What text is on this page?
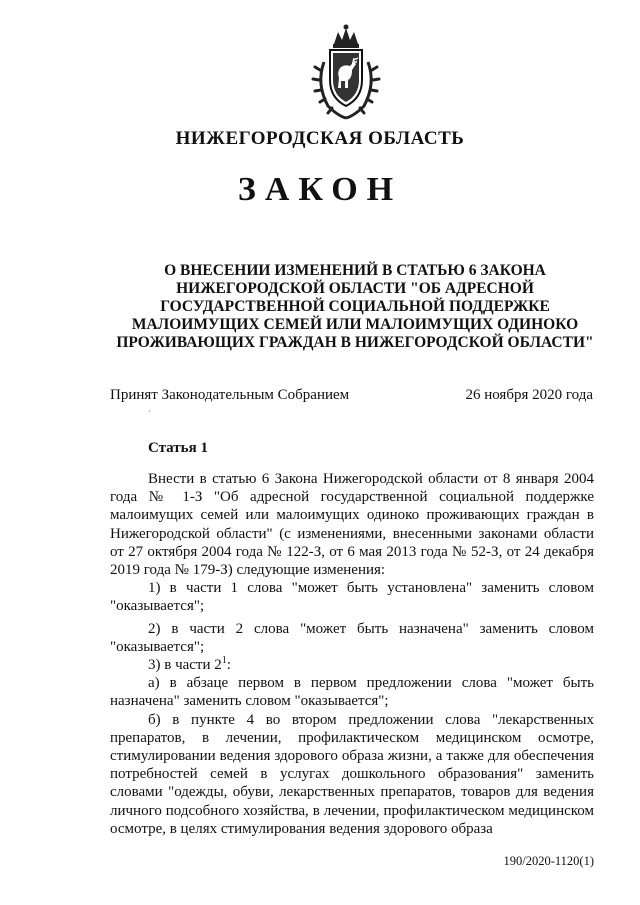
НИЖЕГОРОДСКАЯ ОБЛАСТЬ
ЗАКОН
О ВНЕСЕНИИ ИЗМЕНЕНИЙ В СТАТЬЮ 6 ЗАКОНА
НИЖЕГОРОДСКОЙ ОБЛАСТИ "ОБ АДРЕСНОЙ
ГОСУДАРСТВЕННОЙ СОЦИАЛЬНОЙ ПОДДЕРЖКЕ
МАЛОИМУЩИХ СЕМЕЙ ИЛИ МАЛОИМУЩИХ ОДИНОКО
ПРОЖИВАЮЩИХ ГРАЖДАН В НИЖЕГОРОДСКОЙ ОБЛАСТИ"
Принят Законодательным Собранием	26 ноября 2020 года
ˊ
Статья 1

Внести в статью 6 Закона Нижегородской области от 8 января 2004 года № 1-З "Об адресной государственной социальной поддержке малоимущих семей или малоимущих одиноко проживающих граждан в Нижегородской области" (с изменениями, внесенными законами области от 27 октября 2004 года № 122-З, от 6 мая 2013 года № 52-З, от 24 декабря 2019 года № 179-З) следующие изменения:

1) в части 1 слова "может быть установлена" заменить словом "оказывается";

2) в части 2 слова "может быть назначена" заменить словом "оказывается";

3) в части $2^1$:

а) в абзаце первом в первом предложении слова "может быть назначена" заменить словом "оказывается";

б) в пункте 4 во втором предложении слова "лекарственных препаратов, в лечении, профилактическом медицинском осмотре, стимулировании ведения здорового образа жизни, а также для обеспечения потребностей семей в услугах дошкольного образования" заменить словами "одежды, обуви, лекарственных препаратов, товаров для ведения личного подсобного хозяйства, в лечении, профилактическом медицинском осмотре, в целях стимулирования ведения здорового образа

190/2020-1120(1)
